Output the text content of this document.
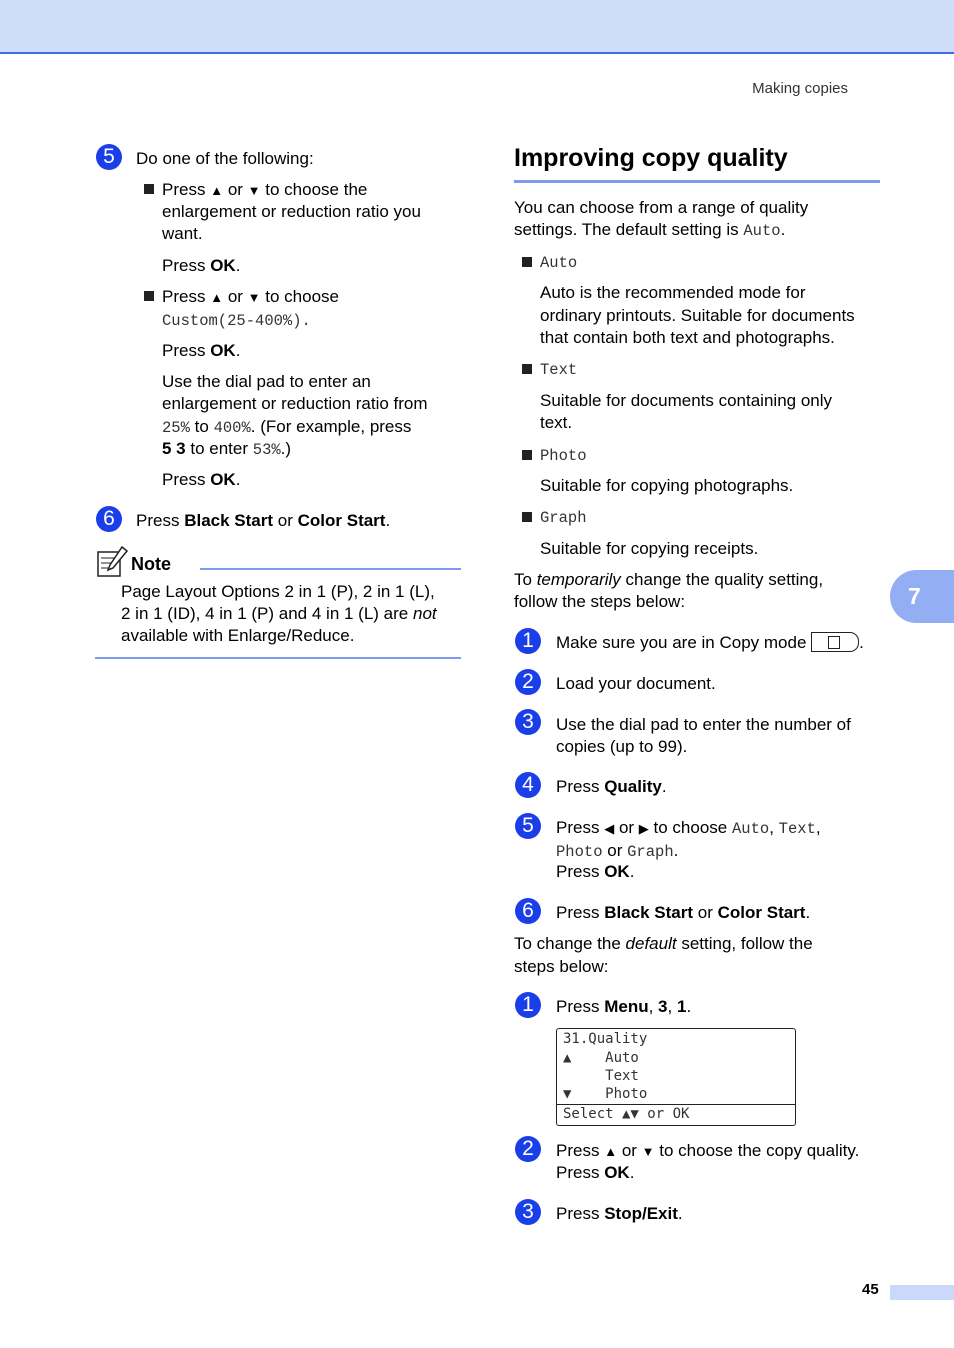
Making copies
5	Do one of the following:
Press ▲ or ▼ to choose the
enlargement or reduction ratio you
want.
Press OK.
Press ▲ or ▼ to choose
Custom(25-400%).
Press OK.
Use the dial pad to enter an
enlargement or reduction ratio from
25% to 400%. (For example, press
5 3 to enter 53%.)
Press OK.
6	Press Black Start or Color Start.
Note
Page Layout Options 2 in 1 (P), 2 in 1 (L),
2 in 1 (ID), 4 in 1 (P) and 4 in 1 (L) are not
available with Enlarge/Reduce.
Improving copy quality
You can choose from a range of quality
settings. The default setting is Auto.
Auto
Auto is the recommended mode for
ordinary printouts. Suitable for documents
that contain both text and photographs.
Text
Suitable for documents containing only
text.
Photo
Suitable for copying photographs.
Graph
Suitable for copying receipts.
To temporarily change the quality setting,
follow the steps below:
1	Make sure you are in Copy mode	.
2	Load your document.
3	Use the dial pad to enter the number of
copies (up to 99).
4	Press Quality.
5	Press ◀ or ▶ to choose Auto, Text,
Photo or Graph.
Press OK.
6	Press Black Start or Color Start.
To change the default setting, follow the
steps below:
1	Press Menu, 3, 1.
31.Quality
▲    Auto
Text
▼    Photo
Select ▲▼ or OK
2	Press ▲ or ▼ to choose the copy quality.
Press OK.
3	Press Stop/Exit.
7
45
